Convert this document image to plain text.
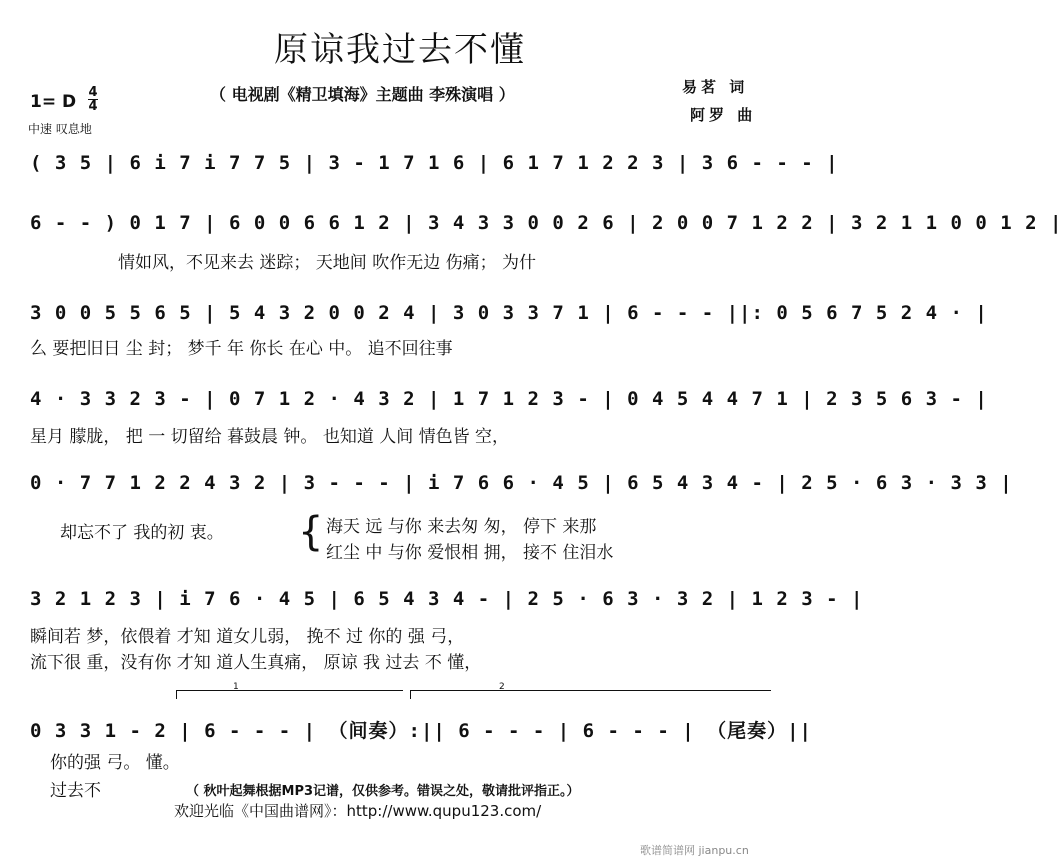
原谅我过去不懂
（ 电视剧《精卫填海》主题曲 李殊演唱 ）	易茗 词
阿罗 曲
1= D 4
4
中速 叹息地
( 3 5 | 6 i 7 i 7 7 5 | 3 - 1 7 1 6 | 6 1 7 1 2 2 3 | 3 6 - - - |
6 - - ) 0 1 7 | 6 0 0 6 6 1 2 | 3 4 3 3 0 0 2 6 | 2 0 0 7 1 2 2 | 3 2 1 1 0 0 1 2 |
情如风，不见来去 迷踪； 天地间 吹作无边 伤痛； 为什
3 0 0 5 5 6 5 | 5 4 3 2 0 0 2 4 | 3 0 3 3 7 1 | 6 - - - ||: 0 5 6 7 5 2 4 · |
么 要把旧日 尘 封； 梦千 年 你长 在心 中。 追不回往事
4 · 3 3 2 3 - | 0 7 1 2 · 4 3 2 | 1 7 1 2 3 - | 0 4 5 4 4 7 1 | 2 3 5 6 3 - |
星月 朦胧， 把 一 切留给 暮鼓晨 钟。 也知道 人间 情色皆 空，
0 · 7 7 1 2 2 4 3 2 | 3 - - - | i 7 6 6 · 4 5 | 6 5 4 3 4 - | 2 5 · 6 3 · 3 3 |
却忘不了 我的初 衷。 { 海天 远 与你 来去匆 匆， 停下 来那
红尘 中 与你 爱恨相 拥， 接不 住泪水
3 2 1 2 3 | i 7 6 · 4 5 | 6 5 4 3 4 - | 2 5 · 6 3 · 3 2 | 1 2 3 - |
瞬间若 梦，依偎着 才知 道女儿弱， 挽不 过 你的 强 弓，
流下很 重，没有你 才知 道人生真痛， 原谅 我 过去 不 懂，
1	2
0 3 3 1 - 2 | 6 - - - | （间奏）:|| 6 - - - | 6 - - - | （尾奏）||
你的强 弓。 懂。
过去不	（ 秋叶起舞根据MP3记谱，仅供参考。错误之处，敬请批评指正。）
欢迎光临《中国曲谱网》：http://www.qupu123.com/
歌谱简谱网 jianpu.cn
